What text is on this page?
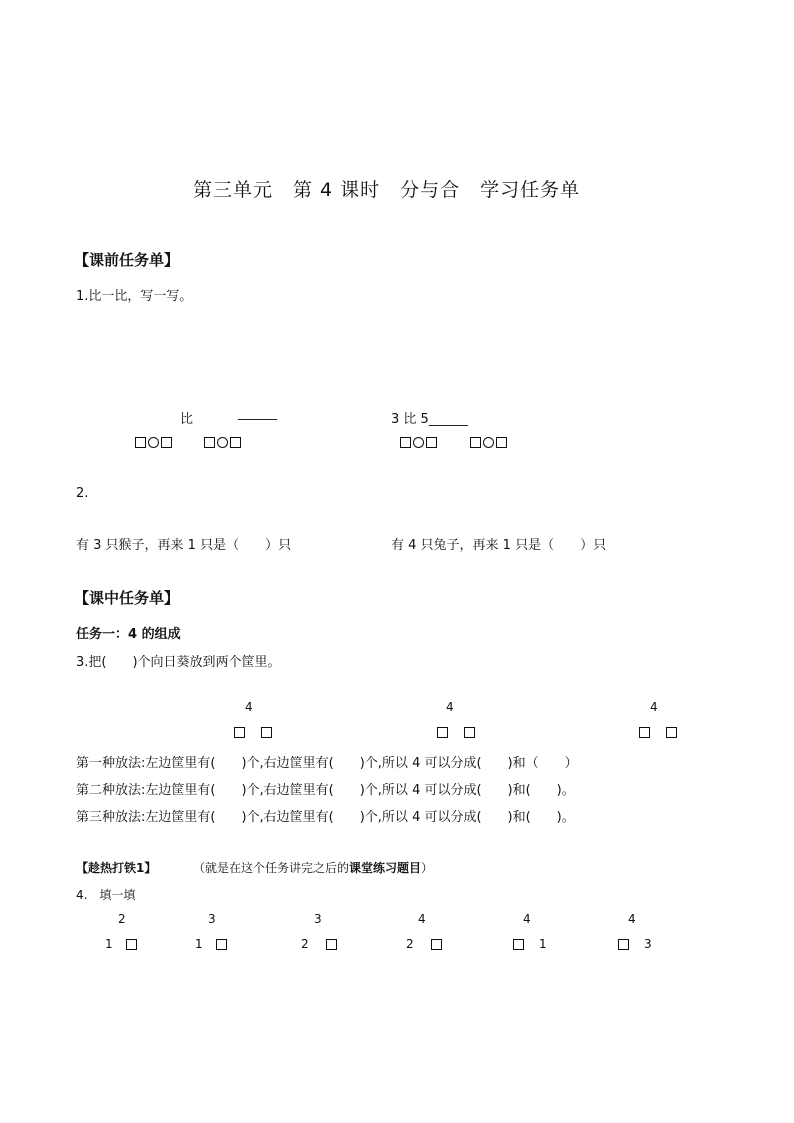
第三单元　第 4 课时　分与合　学习任务单
【课前任务单】
1.比一比，写一写。
比	______	3 比 5______
2.
有 3 只猴子，再来 1 只是（　　）只	有 4 只兔子，再来 1 只是（　　）只
【课中任务单】
任务一：4 的组成
3.把(　　)个向日葵放到两个筐里。
4	4	4
第一种放法:左边筐里有(　　)个,右边筐里有(　　)个,所以 4 可以分成(　　)和（　　）
第二种放法:左边筐里有(　　)个,右边筐里有(　　)个,所以 4 可以分成(　　)和(　　)。
第三种放法:左边筐里有(　　)个,右边筐里有(　　)个,所以 4 可以分成(　　)和(　　)。
【趁热打铁1】	（就是在这个任务讲完之后的课堂练习题目）
4.　填一填
2	3	3	4	4	4
1	1	2	2	1	3
